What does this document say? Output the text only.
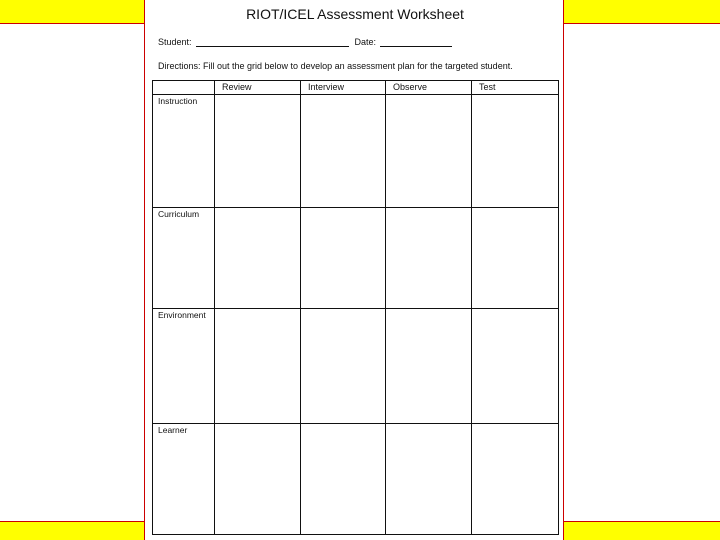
RIOT/ICEL Assessment Worksheet
Student:	Date:
Directions: Fill out the grid below to develop an assessment plan for the targeted student.
Review	Interview	Observe	Test
Instruction
Curriculum
Environment
Learner
